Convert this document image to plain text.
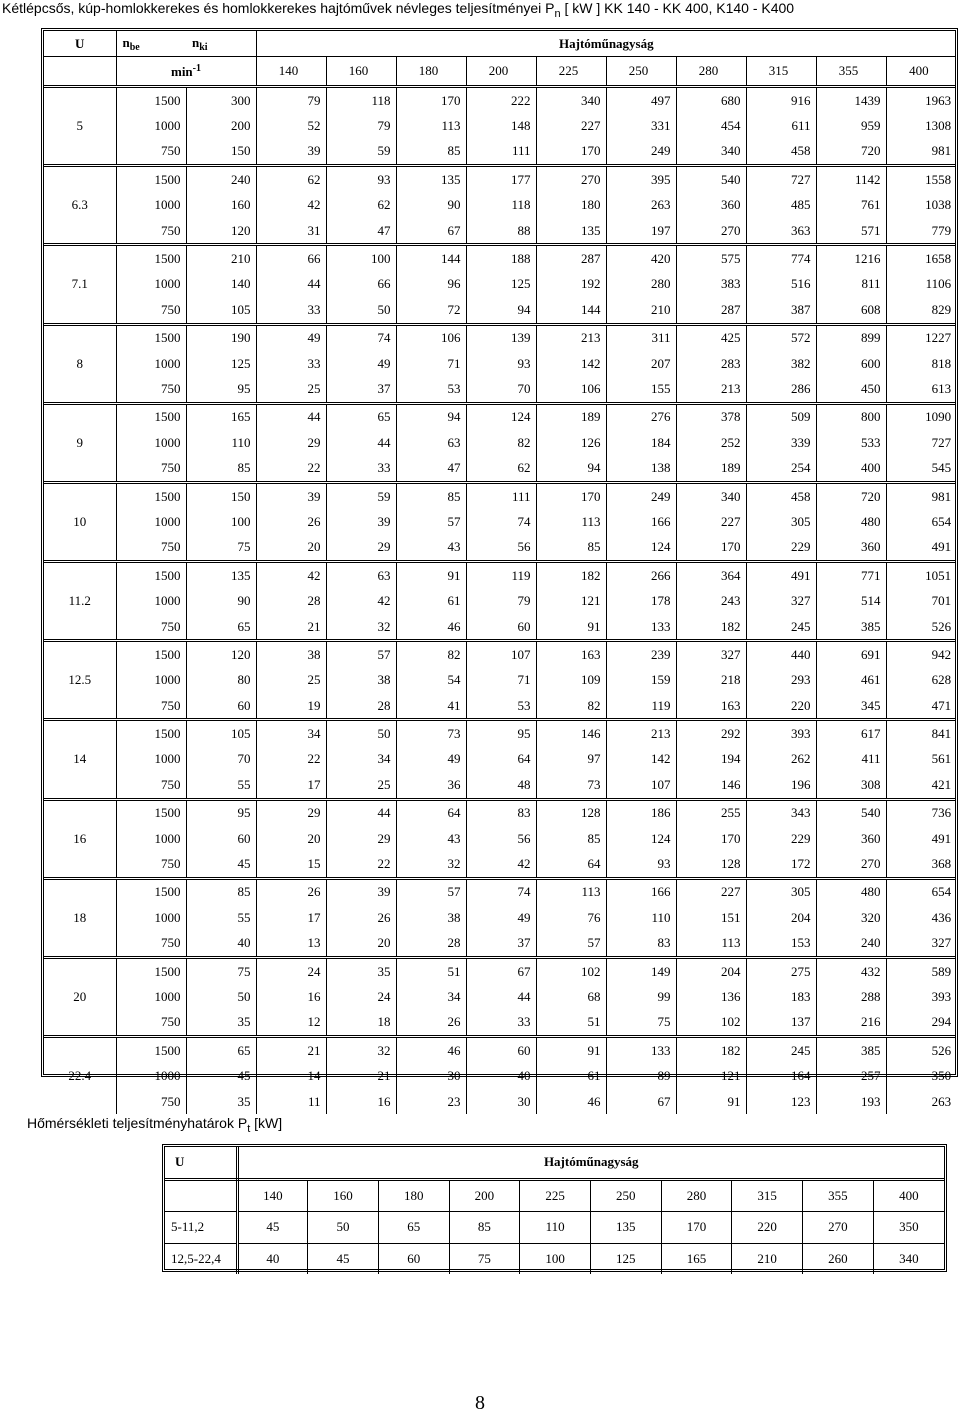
Kétlépcsős, kúp-homlokkerekes és homlokkerekes hajtóművek névleges teljesítményei $P_n$ [ kW ] KK 140 - KK 400, K140 - K400
U	$n_{be}$	$n_{ki}$	Hajtóműnagyság									
	$\min^{-1}$		140	160	180	200	225	250	280	315	355	400
5	1500	300	79	118	170	222	340	497	680	916	1439	1963
	1000	200	52	79	113	148	227	331	454	611	959	1308
	750	150	39	59	85	111	170	249	340	458	720	981
6.3	1500	240	62	93	135	177	270	395	540	727	1142	1558
	1000	160	42	62	90	118	180	263	360	485	761	1038
	750	120	31	47	67	88	135	197	270	363	571	779
7.1	1500	210	66	100	144	188	287	420	575	774	1216	1658
	1000	140	44	66	96	125	192	280	383	516	811	1106
	750	105	33	50	72	94	144	210	287	387	608	829
8	1500	190	49	74	106	139	213	311	425	572	899	1227
	1000	125	33	49	71	93	142	207	283	382	600	818
	750	95	25	37	53	70	106	155	213	286	450	613
9	1500	165	44	65	94	124	189	276	378	509	800	1090
	1000	110	29	44	63	82	126	184	252	339	533	727
	750	85	22	33	47	62	94	138	189	254	400	545
10	1500	150	39	59	85	111	170	249	340	458	720	981
	1000	100	26	39	57	74	113	166	227	305	480	654
	750	75	20	29	43	56	85	124	170	229	360	491
11.2	1500	135	42	63	91	119	182	266	364	491	771	1051
	1000	90	28	42	61	79	121	178	243	327	514	701
	750	65	21	32	46	60	91	133	182	245	385	526
12.5	1500	120	38	57	82	107	163	239	327	440	691	942
	1000	80	25	38	54	71	109	159	218	293	461	628
	750	60	19	28	41	53	82	119	163	220	345	471
14	1500	105	34	50	73	95	146	213	292	393	617	841
	1000	70	22	34	49	64	97	142	194	262	411	561
	750	55	17	25	36	48	73	107	146	196	308	421
16	1500	95	29	44	64	83	128	186	255	343	540	736
	1000	60	20	29	43	56	85	124	170	229	360	491
	750	45	15	22	32	42	64	93	128	172	270	368
18	1500	85	26	39	57	74	113	166	227	305	480	654
	1000	55	17	26	38	49	76	110	151	204	320	436
	750	40	13	20	28	37	57	83	113	153	240	327
20	1500	75	24	35	51	67	102	149	204	275	432	589
	1000	50	16	24	34	44	68	99	136	183	288	393
	750	35	12	18	26	33	51	75	102	137	216	294
22.4	1500	65	21	32	46	60	91	133	182	245	385	526
	1000	45	14	21	30	40	61	89	121	164	257	350
	750	35	11	16	23	30	46	67	91	123	193	263
Hőmérsékleti teljesítményhatárok $P_t$ [kW]
U	Hajtóműnagyság									
	140	160	180	200	225	250	280	315	355	400
5-11,2	45	50	65	85	110	135	170	220	270	350
12,5-22,4	40	45	60	75	100	125	165	210	260	340
8
